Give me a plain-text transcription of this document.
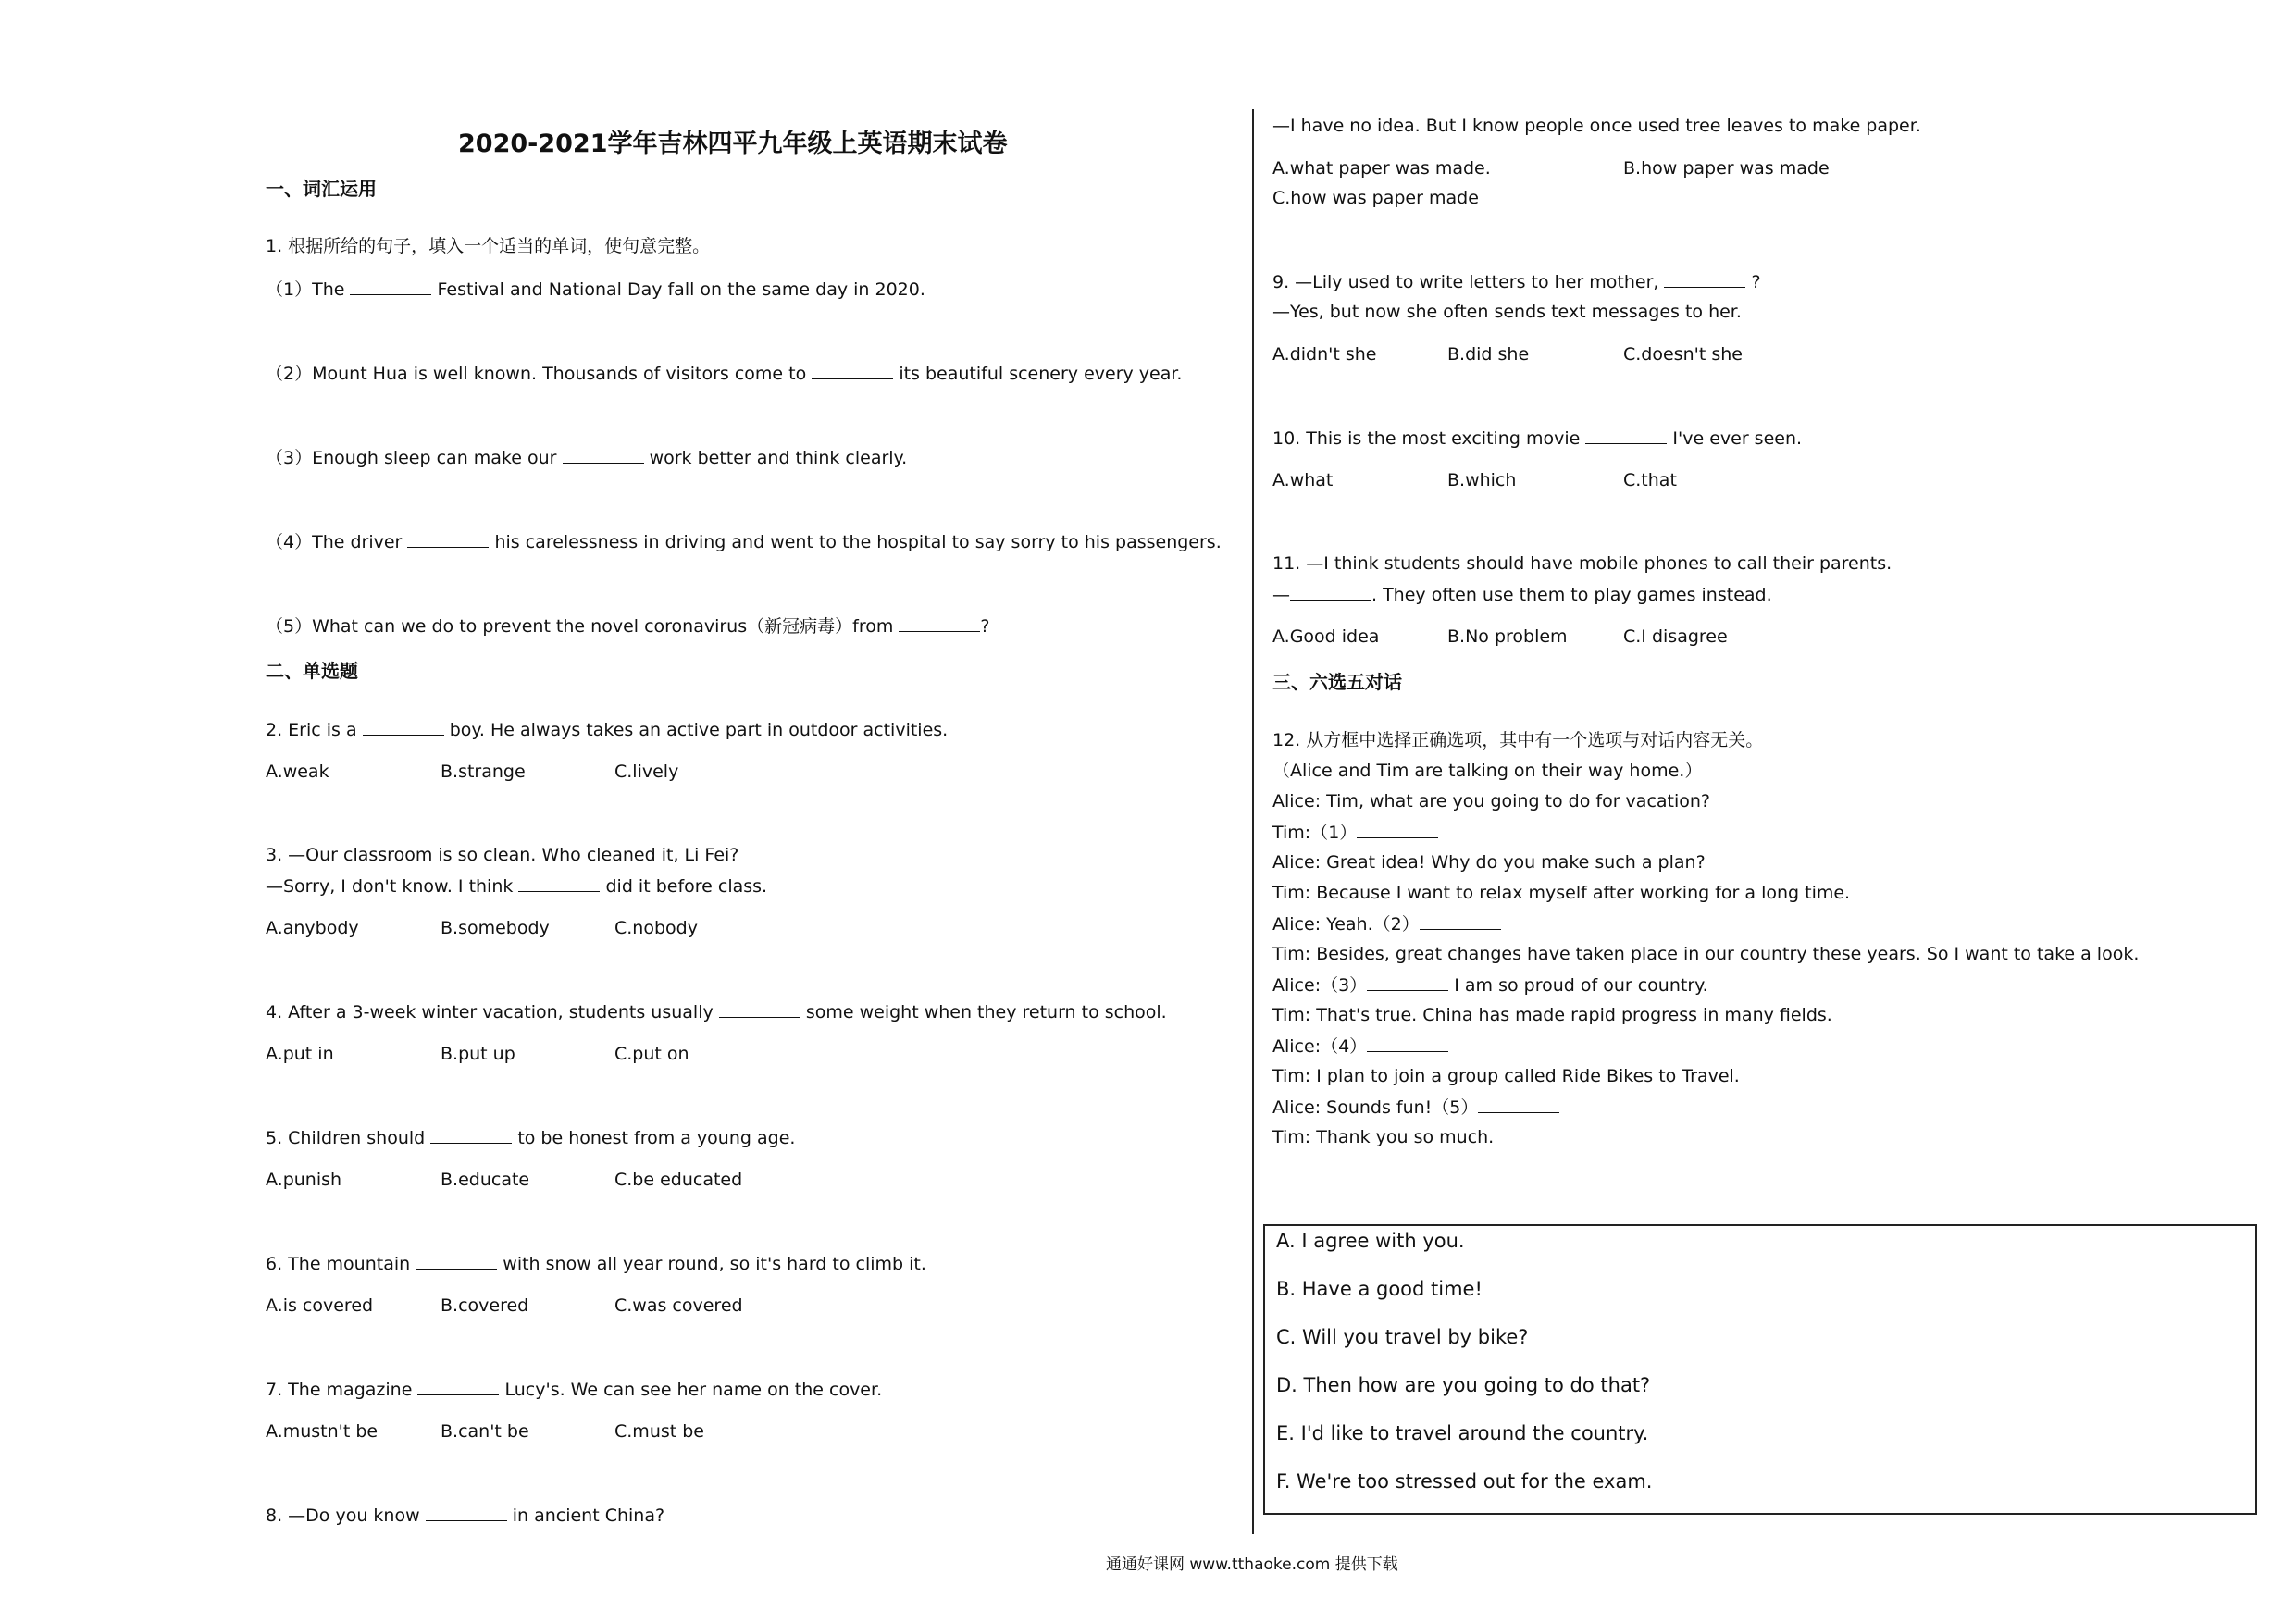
2020-2021学年吉林四平九年级上英语期末试卷
一、词汇运用
1. 根据所给的句子，填入一个适当的单词，使句意完整。
（1）The	Festival and National Day fall on the same day in 2020.
（2）Mount Hua is well known. Thousands of visitors come to	its beautiful scenery every year.
（3）Enough sleep can make our	work better and think clearly.
（4）The driver	his carelessness in driving and went to the hospital to say sorry to his passengers.
（5）What can we do to prevent the novel coronavirus（新冠病毒）from	?
二、单选题
2. Eric is a	boy. He always takes an active part in outdoor activities.
A.weak	B.strange	C.lively
3. —Our classroom is so clean. Who cleaned it, Li Fei?
—Sorry, I don't know. I think	did it before class.
A.anybody	B.somebody	C.nobody
4. After a 3-week winter vacation, students usually	some weight when they return to school.
A.put in	B.put up	C.put on
5. Children should	to be honest from a young age.
A.punish	B.educate	C.be educated
6. The mountain	with snow all year round, so it's hard to climb it.
A.is covered	B.covered	C.was covered
7. The magazine	Lucy's. We can see her name on the cover.
A.mustn't be	B.can't be	C.must be
8. —Do you know	in ancient China?
—I have no idea. But I know people once used tree leaves to make paper.
A.what paper was made.	B.how paper was made
C.how was paper made
9. —Lily used to write letters to her mother,	?
—Yes, but now she often sends text messages to her.
A.didn't she	B.did she	C.doesn't she
10. This is the most exciting movie	I've ever seen.
A.what	B.which	C.that
11. —I think students should have mobile phones to call their parents.
—	. They often use them to play games instead.
A.Good idea	B.No problem	C.I disagree
三、六选五对话
12. 从方框中选择正确选项，其中有一个选项与对话内容无关。
（Alice and Tim are talking on their way home.）
Alice: Tim, what are you going to do for vacation?
Tim:（1）
Alice: Great idea! Why do you make such a plan?
Tim: Because I want to relax myself after working for a long time.
Alice: Yeah.（2）
Tim: Besides, great changes have taken place in our country these years. So I want to take a look.
Alice:（3）	I am so proud of our country.
Tim: That's true. China has made rapid progress in many fields.
Alice:（4）
Tim: I plan to join a group called Ride Bikes to Travel.
Alice: Sounds fun!（5）
Tim: Thank you so much.
A. I agree with you.
B. Have a good time!
C. Will you travel by bike?
D. Then how are you going to do that?
E. I'd like to travel around the country.
F. We're too stressed out for the exam.
通通好课网 www.tthaoke.com 提供下载
